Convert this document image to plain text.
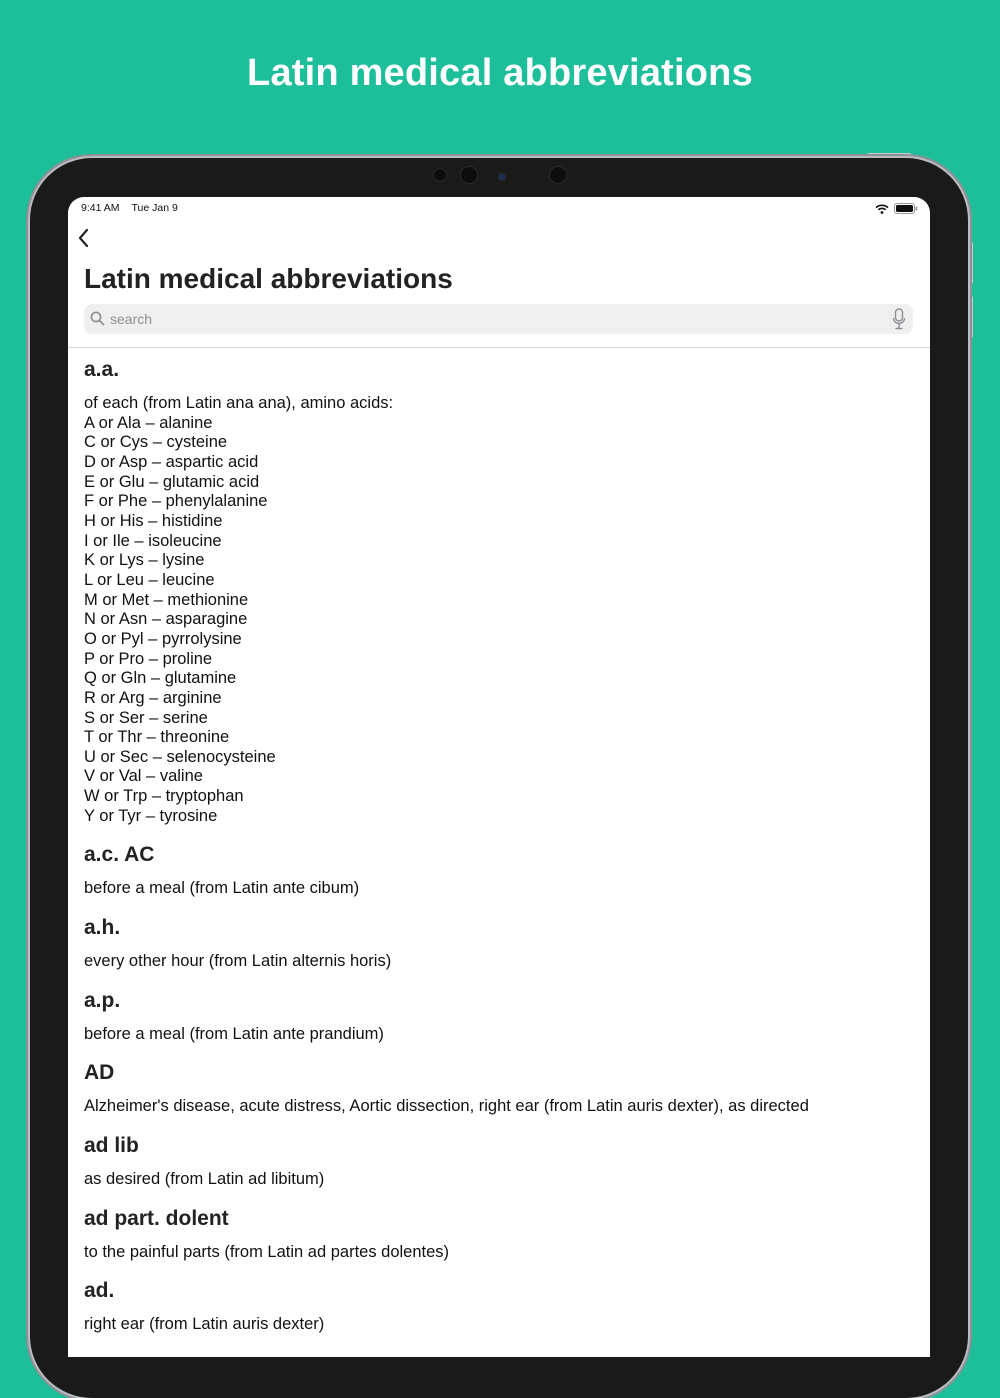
Latin medical abbreviations
9:41 AM Tue Jan 9
Latin medical abbreviations
search
a.a.
of each (from Latin ana ana), amino acids:
A or Ala – alanine
C or Cys – cysteine
D or Asp – aspartic acid
E or Glu – glutamic acid
F or Phe – phenylalanine
H or His – histidine
I or Ile – isoleucine
K or Lys – lysine
L or Leu – leucine
M or Met – methionine
N or Asn – asparagine
O or Pyl – pyrrolysine
P or Pro – proline
Q or Gln – glutamine
R or Arg – arginine
S or Ser – serine
T or Thr – threonine
U or Sec – selenocysteine
V or Val – valine
W or Trp – tryptophan
Y or Tyr – tyrosine
a.c. AC
before a meal (from Latin ante cibum)
a.h.
every other hour (from Latin alternis horis)
a.p.
before a meal (from Latin ante prandium)
AD
Alzheimer's disease, acute distress, Aortic dissection, right ear (from Latin auris dexter), as directed
ad lib
as desired (from Latin ad libitum)
ad part. dolent
to the painful parts (from Latin ad partes dolentes)
ad.
right ear (from Latin auris dexter)
